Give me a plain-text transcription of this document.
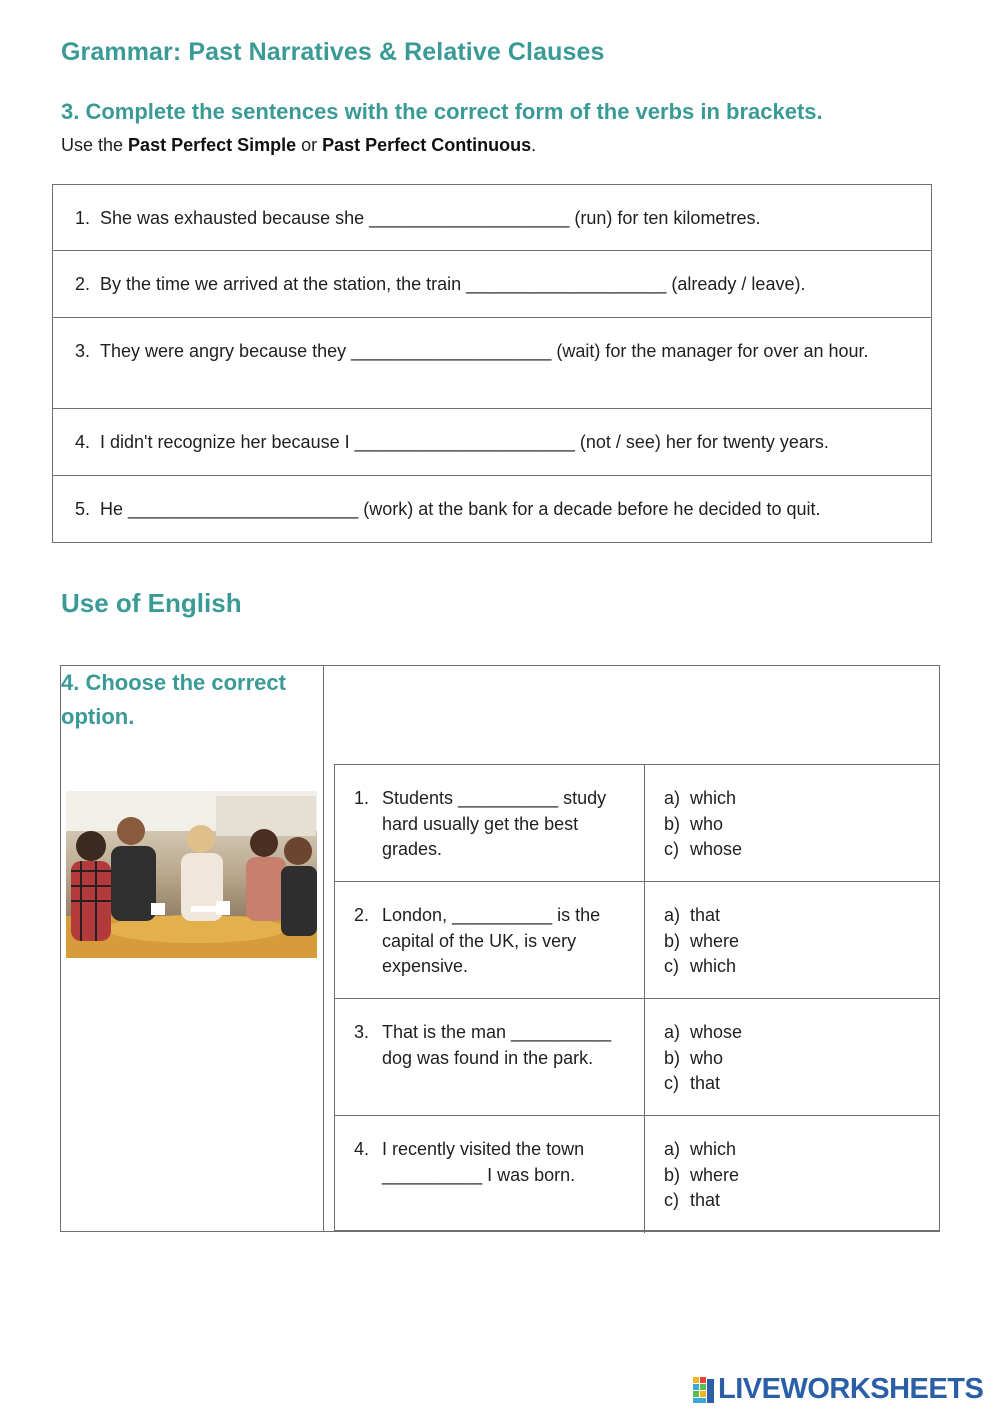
Grammar: Past Narratives & Relative Clauses
3. Complete the sentences with the correct form of the verbs in brackets.
Use the Past Perfect Simple or Past Perfect Continuous.
1. She was exhausted because she ____________________ (run) for ten kilometres.
2. By the time we arrived at the station, the train ____________________ (already / leave).
3. They were angry because they ____________________ (wait) for the manager for over an hour.
4. I didn't recognize her because I ______________________ (not / see) her for twenty years.
5. He _______________________ (work) at the bank for a decade before he decided to quit.
Use of English
4. Choose the correct option.
1. Students __________ study hard usually get the best grades.
a) which
b) who
c) whose
2. London, __________ is the capital of the UK, is very expensive.
a) that
b) where
c) which
3. That is the man __________ dog was found in the park.
a) whose
b) who
c) that
4. I recently visited the town __________ I was born.
a) which
b) where
c) that
LIVEWORKSHEETS
